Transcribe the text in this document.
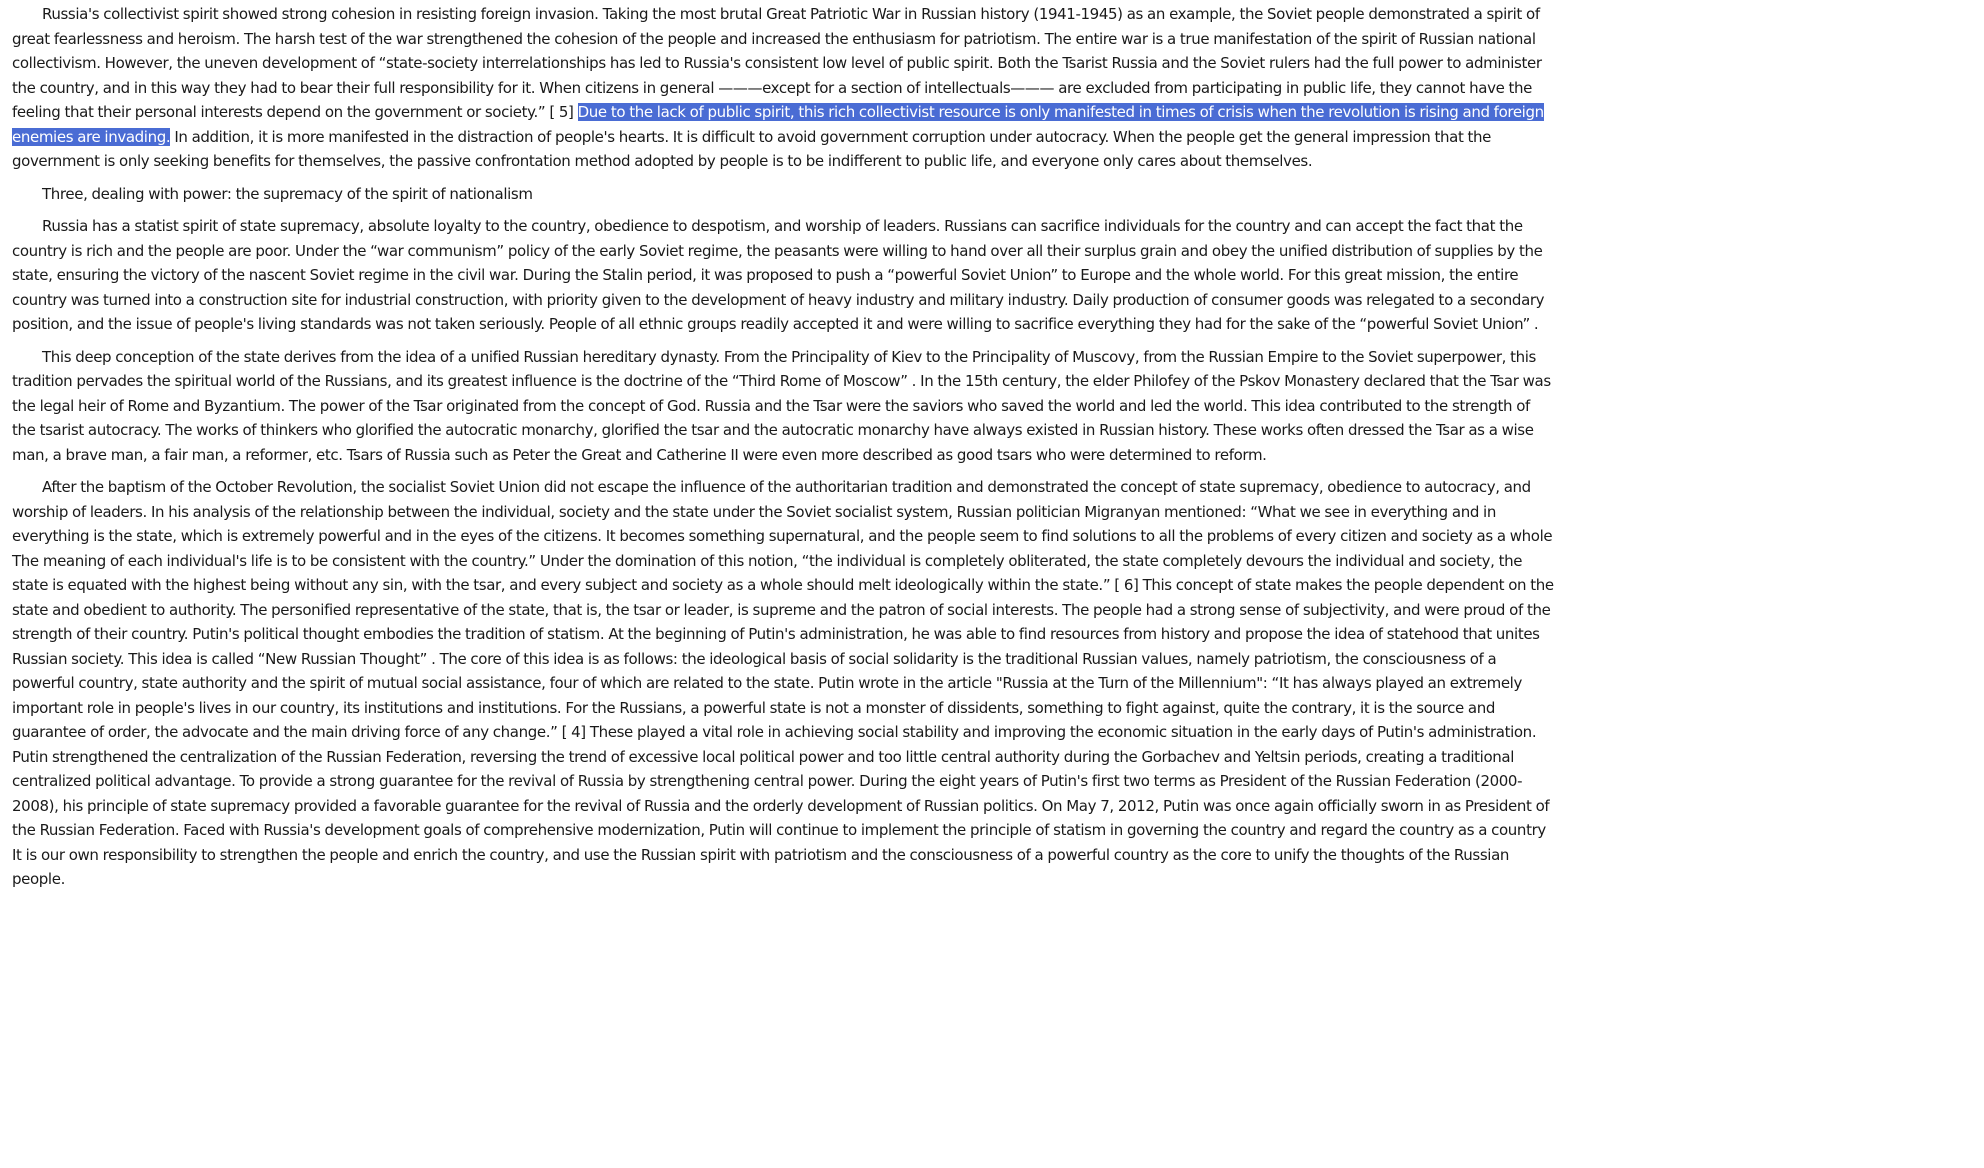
Russia's collectivist spirit showed strong cohesion in resisting foreign invasion. Taking the most brutal Great Patriotic War in Russian history (1941-1945) as an example, the Soviet people demonstrated a spirit of great fearlessness and heroism. The harsh test of the war strengthened the cohesion of the people and increased the enthusiasm for patriotism. The entire war is a true manifestation of the spirit of Russian national collectivism. However, the uneven development of “state-society interrelationships has led to Russia's consistent low level of public spirit. Both the Tsarist Russia and the Soviet rulers had the full power to administer the country, and in this way they had to bear their full responsibility for it. When citizens in general ———except for a section of intellectuals——— are excluded from participating in public life, they cannot have the feeling that their personal interests depend on the government or society.” [ 5] Due to the lack of public spirit, this rich collectivist resource is only manifested in times of crisis when the revolution is rising and foreign enemies are invading. In addition, it is more manifested in the distraction of people's hearts. It is difficult to avoid government corruption under autocracy. When the people get the general impression that the government is only seeking benefits for themselves, the passive confrontation method adopted by people is to be indifferent to public life, and everyone only cares about themselves.

Three, dealing with power: the supremacy of the spirit of nationalism

Russia has a statist spirit of state supremacy, absolute loyalty to the country, obedience to despotism, and worship of leaders. Russians can sacrifice individuals for the country and can accept the fact that the country is rich and the people are poor. Under the “war communism” policy of the early Soviet regime, the peasants were willing to hand over all their surplus grain and obey the unified distribution of supplies by the state, ensuring the victory of the nascent Soviet regime in the civil war. During the Stalin period, it was proposed to push a “powerful Soviet Union” to Europe and the whole world. For this great mission, the entire country was turned into a construction site for industrial construction, with priority given to the development of heavy industry and military industry. Daily production of consumer goods was relegated to a secondary position, and the issue of people's living standards was not taken seriously. People of all ethnic groups readily accepted it and were willing to sacrifice everything they had for the sake of the “powerful Soviet Union” .

This deep conception of the state derives from the idea of a unified Russian hereditary dynasty. From the Principality of Kiev to the Principality of Muscovy, from the Russian Empire to the Soviet superpower, this tradition pervades the spiritual world of the Russians, and its greatest influence is the doctrine of the “Third Rome of Moscow” . In the 15th century, the elder Philofey of the Pskov Monastery declared that the Tsar was the legal heir of Rome and Byzantium. The power of the Tsar originated from the concept of God. Russia and the Tsar were the saviors who saved the world and led the world. This idea contributed to the strength of the tsarist autocracy. The works of thinkers who glorified the autocratic monarchy, glorified the tsar and the autocratic monarchy have always existed in Russian history. These works often dressed the Tsar as a wise man, a brave man, a fair man, a reformer, etc. Tsars of Russia such as Peter the Great and Catherine II were even more described as good tsars who were determined to reform.

After the baptism of the October Revolution, the socialist Soviet Union did not escape the influence of the authoritarian tradition and demonstrated the concept of state supremacy, obedience to autocracy, and worship of leaders. In his analysis of the relationship between the individual, society and the state under the Soviet socialist system, Russian politician Migranyan mentioned: “What we see in everything and in everything is the state, which is extremely powerful and in the eyes of the citizens. It becomes something supernatural, and the people seem to find solutions to all the problems of every citizen and society as a whole The meaning of each individual's life is to be consistent with the country.” Under the domination of this notion, “the individual is completely obliterated, the state completely devours the individual and society, the state is equated with the highest being without any sin, with the tsar, and every subject and society as a whole should melt ideologically within the state.” [ 6] This concept of state makes the people dependent on the state and obedient to authority. The personified representative of the state, that is, the tsar or leader, is supreme and the patron of social interests. The people had a strong sense of subjectivity, and were proud of the strength of their country. Putin's political thought embodies the tradition of statism. At the beginning of Putin's administration, he was able to find resources from history and propose the idea of statehood that unites Russian society. This idea is called “New Russian Thought” . The core of this idea is as follows: the ideological basis of social solidarity is the traditional Russian values, namely patriotism, the consciousness of a powerful country, state authority and the spirit of mutual social assistance, four of which are related to the state. Putin wrote in the article "Russia at the Turn of the Millennium": “It has always played an extremely important role in people's lives in our country, its institutions and institutions. For the Russians, a powerful state is not a monster of dissidents, something to fight against, quite the contrary, it is the source and guarantee of order, the advocate and the main driving force of any change.” [ 4] These played a vital role in achieving social stability and improving the economic situation in the early days of Putin's administration. Putin strengthened the centralization of the Russian Federation, reversing the trend of excessive local political power and too little central authority during the Gorbachev and Yeltsin periods, creating a traditional centralized political advantage. To provide a strong guarantee for the revival of Russia by strengthening central power. During the eight years of Putin's first two terms as President of the Russian Federation (2000-2008), his principle of state supremacy provided a favorable guarantee for the revival of Russia and the orderly development of Russian politics. On May 7, 2012, Putin was once again officially sworn in as President of the Russian Federation. Faced with Russia's development goals of comprehensive modernization, Putin will continue to implement the principle of statism in governing the country and regard the country as a country It is our own responsibility to strengthen the people and enrich the country, and use the Russian spirit with patriotism and the consciousness of a powerful country as the core to unify the thoughts of the Russian people.
